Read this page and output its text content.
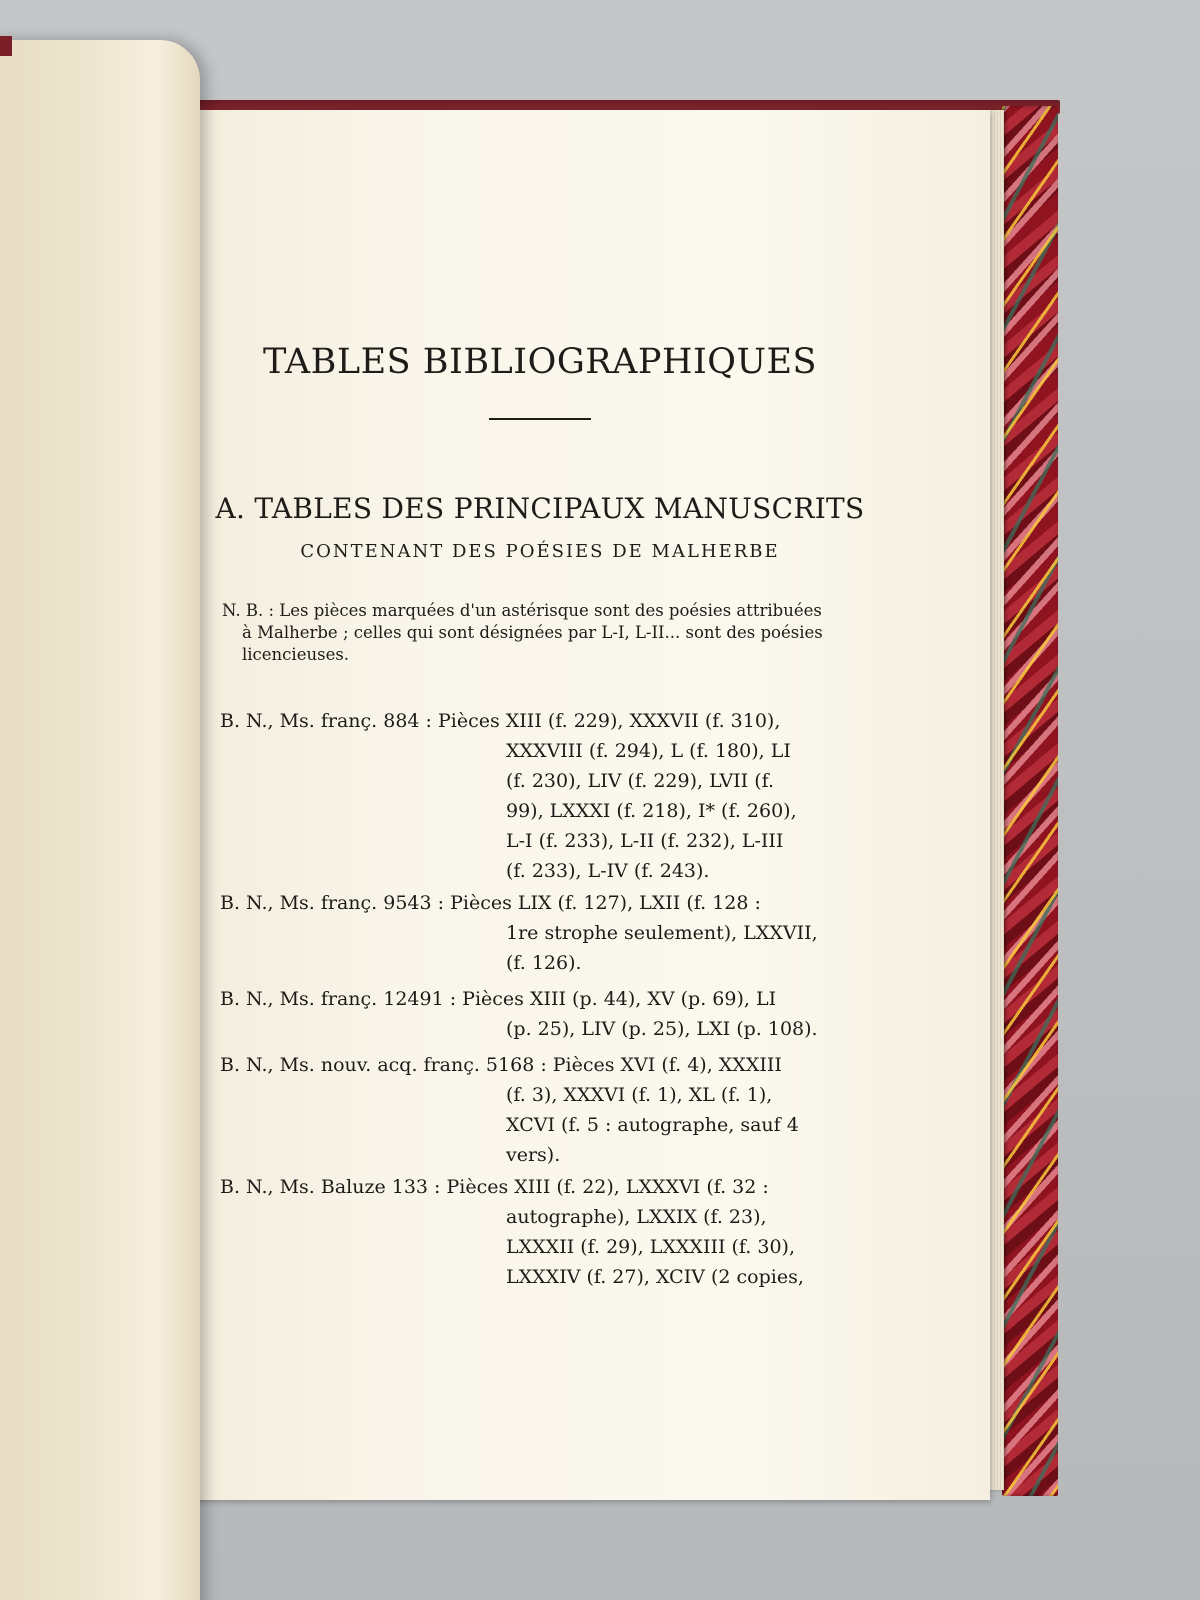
TABLES BIBLIOGRAPHIQUES
A. TABLES DES PRINCIPAUX MANUSCRITS
CONTENANT DES POÉSIES DE MALHERBE
N. B. : Les pièces marquées d'un astérisque sont des poésies attribuées
à Malherbe ; celles qui sont désignées par L-I, L-II... sont des poésies
licencieuses.
B. N., Ms. franç. 884 : Pièces XIII (f. 229), XXXVII (f. 310),
XXXVIII (f. 294), L (f. 180), LI
(f. 230), LIV (f. 229), LVII (f.
99), LXXXI (f. 218), I* (f. 260),
L-I (f. 233), L-II (f. 232), L-III
(f. 233), L-IV (f. 243).
B. N., Ms. franç. 9543 : Pièces LIX (f. 127), LXII (f. 128 :
1re strophe seulement), LXXVII,
(f. 126).
B. N., Ms. franç. 12491 : Pièces XIII (p. 44), XV (p. 69), LI
(p. 25), LIV (p. 25), LXI (p. 108).
B. N., Ms. nouv. acq. franç. 5168 : Pièces XVI (f. 4), XXXIII
(f. 3), XXXVI (f. 1), XL (f. 1),
XCVI (f. 5 : autographe, sauf 4
vers).
B. N., Ms. Baluze 133 : Pièces XIII (f. 22), LXXXVI (f. 32 :
autographe), LXXIX (f. 23),
LXXXII (f. 29), LXXXIII (f. 30),
LXXXIV (f. 27), XCIV (2 copies,
